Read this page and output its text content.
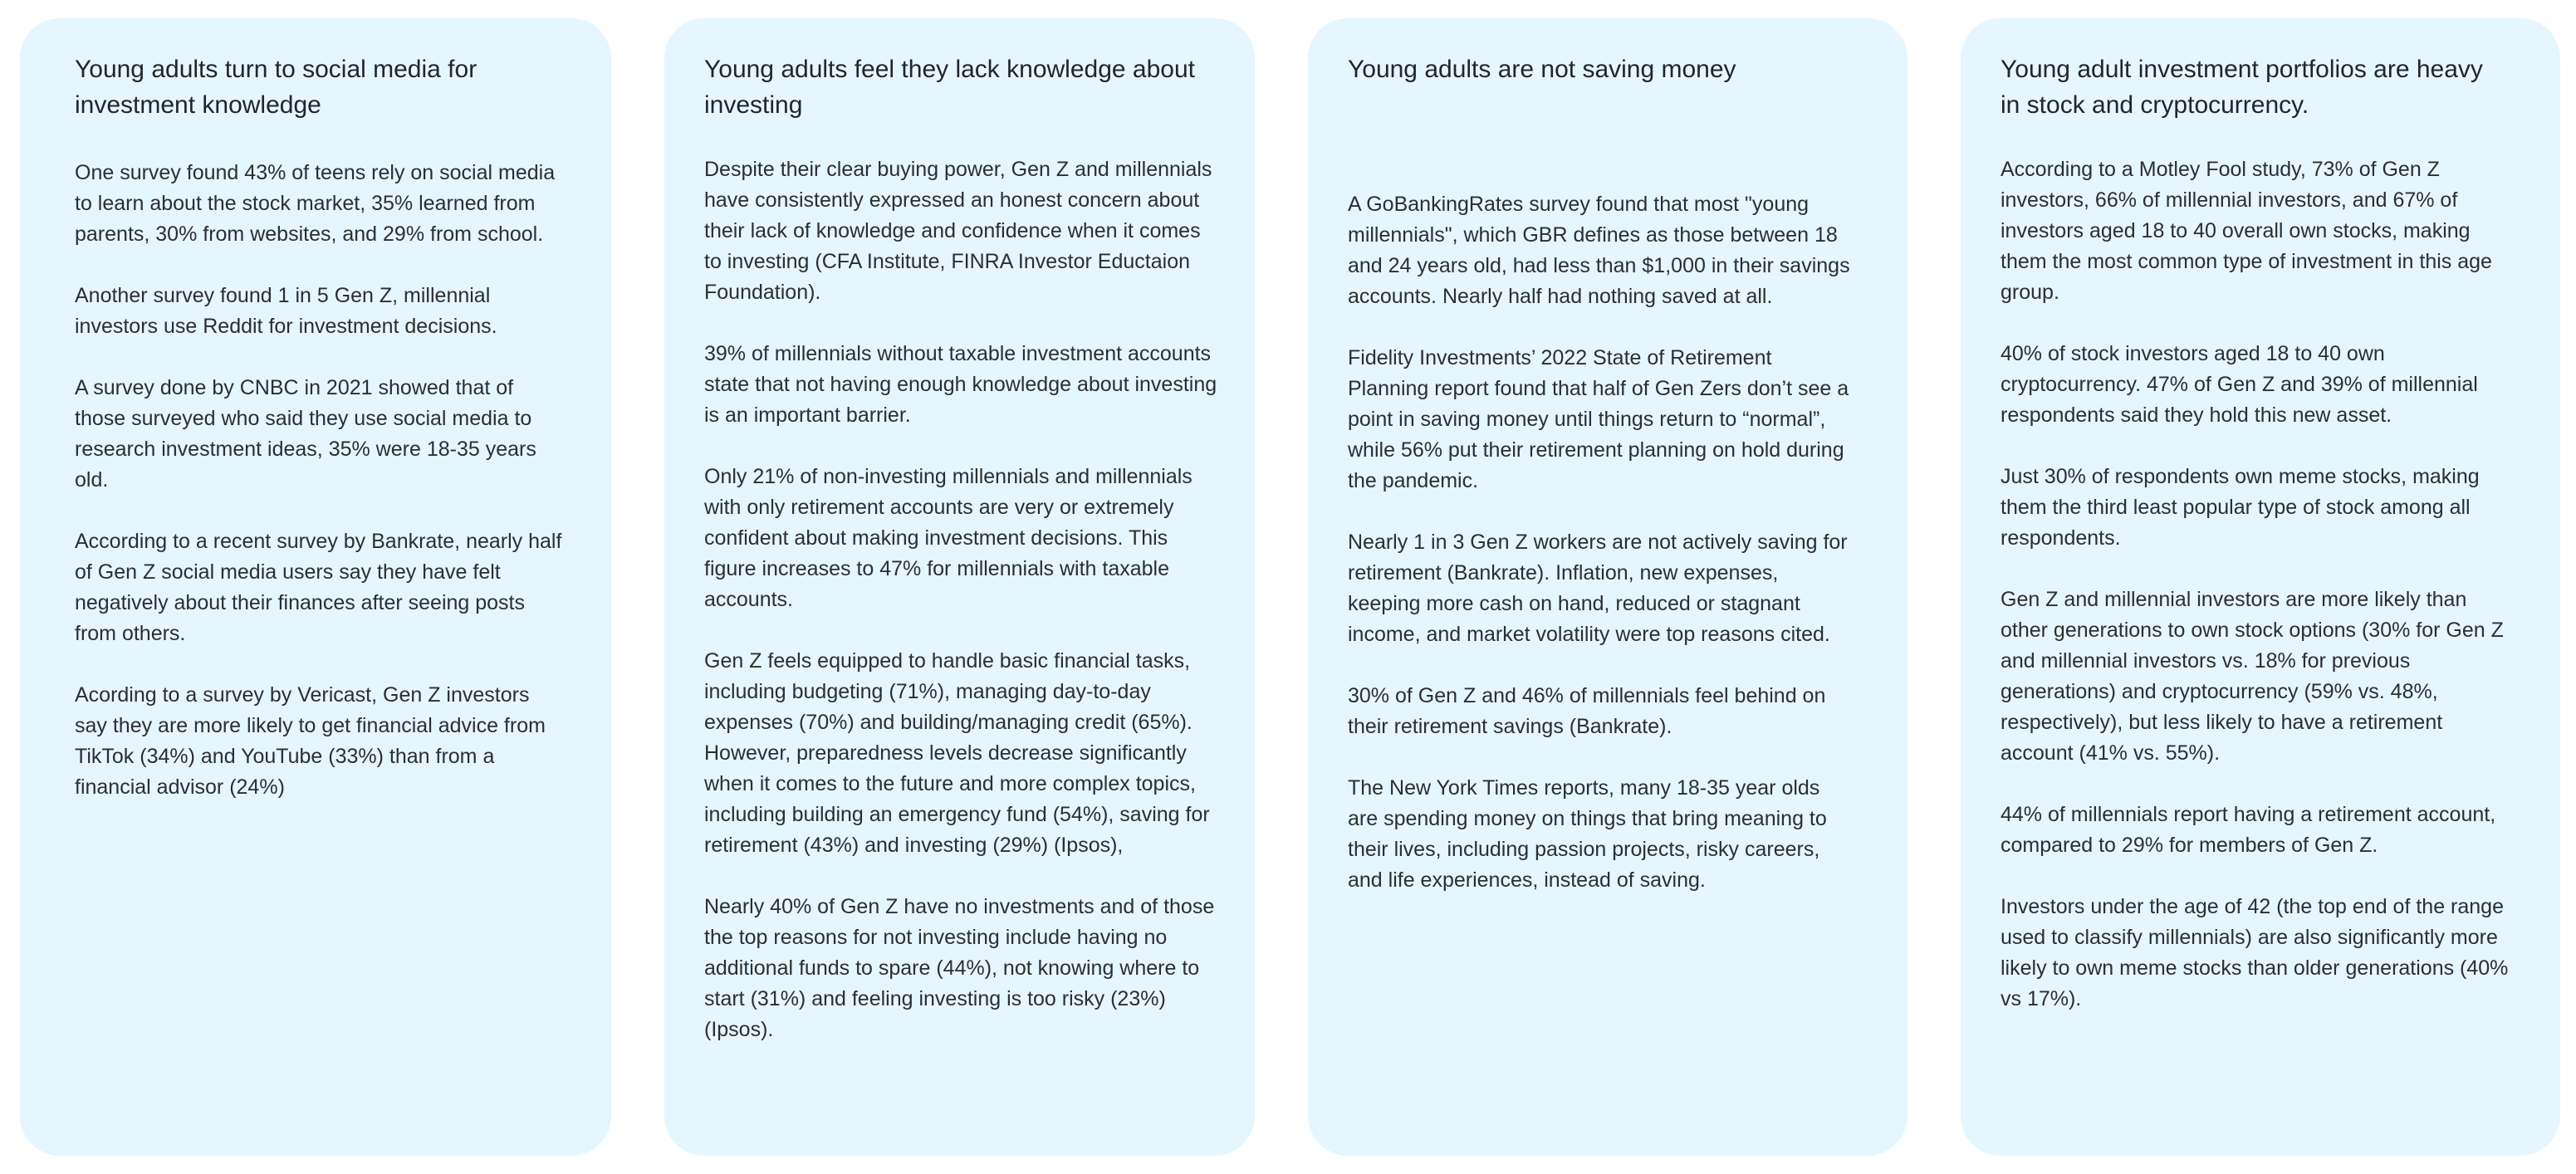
Young adults turn to social media for investment knowledge

One survey found 43% of teens rely on social media to learn about the stock market, 35% learned from parents, 30% from websites, and 29% from school.

Another survey found 1 in 5 Gen Z, millennial investors use Reddit for investment decisions.

A survey done by CNBC in 2021 showed that of those surveyed who said they use social media to research investment ideas, 35% were 18-35 years old.

According to a recent survey by Bankrate, nearly half of Gen Z social media users say they have felt negatively about their finances after seeing posts from others.

Acording to a survey by Vericast, Gen Z investors say they are more likely to get financial advice from TikTok (34%) and YouTube (33%) than from a financial advisor (24%)

Young adults feel they lack knowledge about investing

Despite their clear buying power, Gen Z and millennials have consistently expressed an honest concern about their lack of knowledge and confidence when it comes to investing (CFA Institute, FINRA Investor Eductaion Foundation).

39% of millennials without taxable investment accounts state that not having enough knowledge about investing is an important barrier.

Only 21% of non-investing millennials and millennials with only retirement accounts are very or extremely confident about making investment decisions. This figure increases to 47% for millennials with taxable accounts.

Gen Z feels equipped to handle basic financial tasks, including budgeting (71%), managing day-to-day expenses (70%) and building/managing credit (65%). However, preparedness levels decrease significantly when it comes to the future and more complex topics, including building an emergency fund (54%), saving for retirement (43%) and investing (29%) (Ipsos),

Nearly 40% of Gen Z have no investments and of those the top reasons for not investing include having no additional funds to spare (44%), not knowing where to start (31%) and feeling investing is too risky (23%) (Ipsos).

Young adults are not saving money

A GoBankingRates survey found that most "young millennials", which GBR defines as those between 18 and 24 years old, had less than $1,000 in their savings accounts. Nearly half had nothing saved at all.

Fidelity Investments’ 2022 State of Retirement Planning report found that half of Gen Zers don’t see a point in saving money until things return to “normal”, while 56% put their retirement planning on hold during the pandemic.

Nearly 1 in 3 Gen Z workers are not actively saving for retirement (Bankrate). Inflation, new expenses, keeping more cash on hand, reduced or stagnant income, and market volatility were top reasons cited.

30% of Gen Z and 46% of millennials feel behind on their retirement savings (Bankrate).

The New York Times reports, many 18-35 year olds are spending money on things that bring meaning to their lives, including passion projects, risky careers, and life experiences, instead of saving.

Young adult investment portfolios are heavy in stock and cryptocurrency.

According to a Motley Fool study, 73% of Gen Z investors, 66% of millennial investors, and 67% of investors aged 18 to 40 overall own stocks, making them the most common type of investment in this age group.

40% of stock investors aged 18 to 40 own cryptocurrency. 47% of Gen Z and 39% of millennial respondents said they hold this new asset.

Just 30% of respondents own meme stocks, making them the third least popular type of stock among all respondents.

Gen Z and millennial investors are more likely than other generations to own stock options (30% for Gen Z and millennial investors vs. 18% for previous generations) and cryptocurrency (59% vs. 48%, respectively), but less likely to have a retirement account (41% vs. 55%).

44% of millennials report having a retirement account, compared to 29% for members of Gen Z.

Investors under the age of 42 (the top end of the range used to classify millennials) are also significantly more likely to own meme stocks than older generations (40% vs 17%).
